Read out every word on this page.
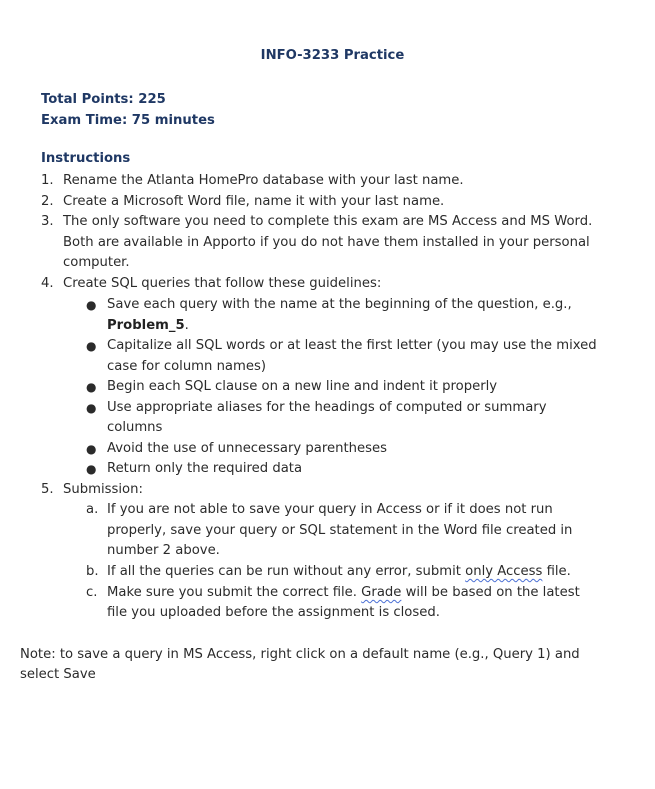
INFO-3233 Practice
Total Points: 225
Exam Time: 75 minutes
Instructions
1. Rename the Atlanta HomePro database with your last name.
2. Create a Microsoft Word file, name it with your last name.
3. The only software you need to complete this exam are MS Access and MS Word.
Both are available in Apporto if you do not have them installed in your personal
computer.
4. Create SQL queries that follow these guidelines:
● Save each query with the name at the beginning of the question, e.g.,
Problem_5.
● Capitalize all SQL words or at least the first letter (you may use the mixed
case for column names)
● Begin each SQL clause on a new line and indent it properly
● Use appropriate aliases for the headings of computed or summary
columns
● Avoid the use of unnecessary parentheses
● Return only the required data
5. Submission:
a. If you are not able to save your query in Access or if it does not run
properly, save your query or SQL statement in the Word file created in
number 2 above.
b. If all the queries can be run without any error, submit only Access file.
c. Make sure you submit the correct file. Grade will be based on the latest
file you uploaded before the assignment is closed.
Note: to save a query in MS Access, right click on a default name (e.g., Query 1) and
select Save
